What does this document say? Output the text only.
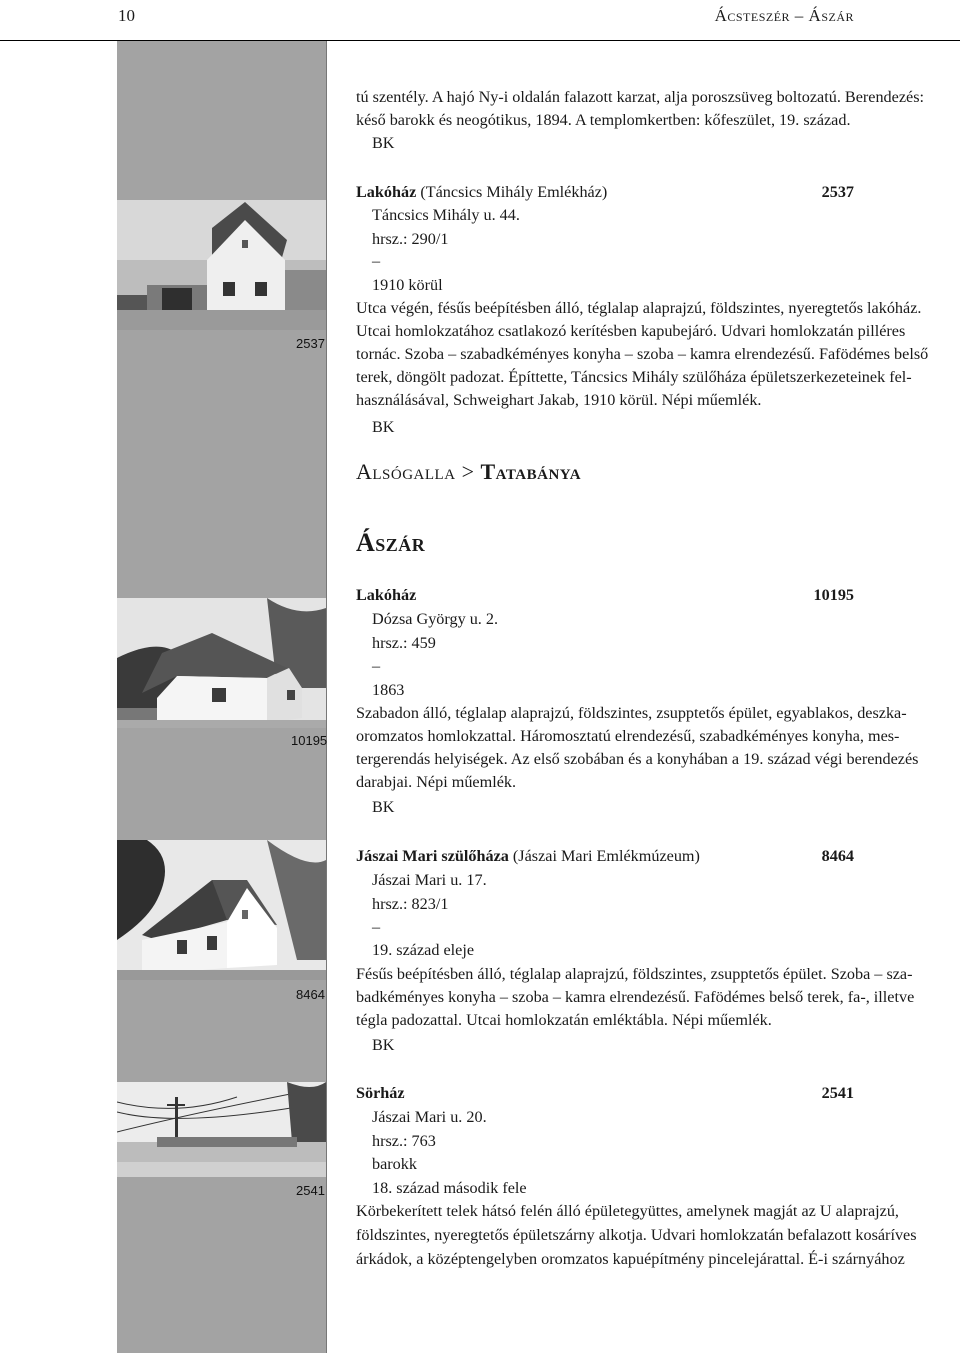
10	Ácsteszér – Ászár
2537
10195
8464
2541
tú szentély. A hajó Ny-i oldalán falazott karzat, alja poroszsüveg boltozatú. Berendezés:
késő barokk és neogótikus, 1894. A templomkertben: kőfeszület, 19. század.
BK
Lakóház (Táncsics Mihály Emlékház)	2537
Táncsics Mihály u. 44.
hrsz.: 290/1
–
1910 körül
Utca végén, fésűs beépítésben álló, téglalap alaprajzú, földszintes, nyeregtetős lakóház.
Utcai homlokzatához csatlakozó kerítésben kapubejáró. Udvari homlokzatán pilléres
tornác. Szoba – szabadkéményes konyha – szoba – kamra elrendezésű. Fafödémes belső
terek, döngölt padozat. Építtette, Táncsics Mihály szülőháza épületszerkezeteinek fel-
használásával, Schweighart Jakab, 1910 körül. Népi műemlék.
BK
Alsógalla > Tatabánya
Ászár
Lakóház	10195
Dózsa György u. 2.
hrsz.: 459
–
1863
Szabadon álló, téglalap alaprajzú, földszintes, zsupptetős épület, egyablakos, deszka-
oromzatos homlokzattal. Háromosztatú elrendezésű, szabadkéményes konyha, mes-
tergerendás helyiségek. Az első szobában és a konyhában a 19. század végi berendezés
darabjai. Népi műemlék.
BK
Jászai Mari szülőháza (Jászai Mari Emlékmúzeum)	8464
Jászai Mari u. 17.
hrsz.: 823/1
–
19. század eleje
Fésűs beépítésben álló, téglalap alaprajzú, földszintes, zsupptetős épület. Szoba – sza-
badkéményes konyha – szoba – kamra elrendezésű. Fafödémes belső terek, fa-, illetve
tégla padozattal. Utcai homlokzatán emléktábla. Népi műemlék.
BK
Sörház	2541
Jászai Mari u. 20.
hrsz.: 763
barokk
18. század második fele
Körbekerített telek hátsó felén álló épületegyüttes, amelynek magját az U alaprajzú,
földszintes, nyeregtetős épületszárny alkotja. Udvari homlokzatán befalazott kosáríves
árkádok, a középtengelyben oromzatos kapuépítmény pincelejárattal. É-i szárnyához
